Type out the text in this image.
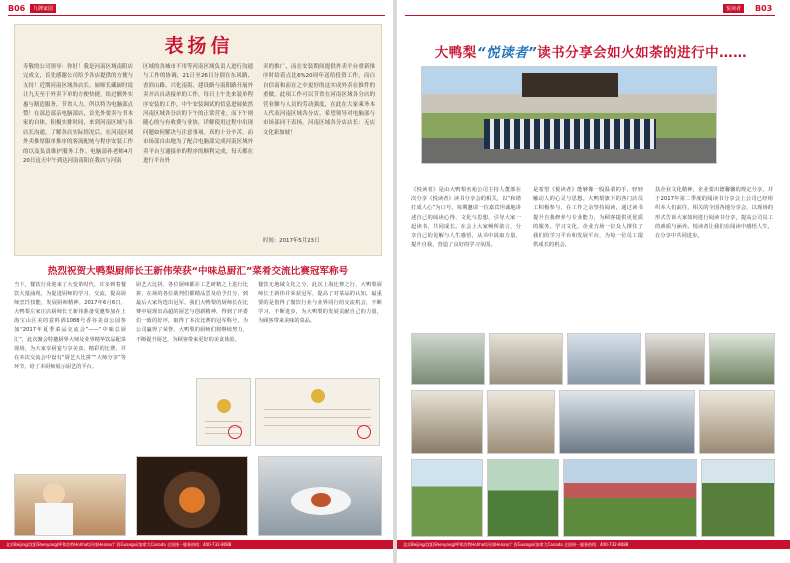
B06	九牌家园
表扬信
寿敬的公司领导：你好！我是河南区域南阳店完成文，首先感谢公司给予各店提供的方便与支持！近期河南区域各店长、厨师长藏厨时说让九天至于外卖下单的方便快捷，给过额外实惠与制造服务，节省人力。所以特为电脑部点赞！在部总部亲电脑部店，首先外要卖与书本家的自体，积极实排时间，来到河南区域与各店长沟通，了解各店实际情况后，在河南区域外卖推厚服单推序的客流配统与程序安装工作的以及负责维护服务工作。电脑部孙老师4月20日这天中午到达河南南阳在我店与河南
区域的各城市不用等河南区域负责人进行沟通与工作的协调，21日至26日分别在东风路、香滨山路、兴化南街、建设路与南阳路开展外卖开店自动接单的工作，每日上午先来装单程序安装的工作，中午安装调试的信息进展依然河南区域各分店的下午的正常营业。而下午则随心的与有收费与业协，详解使用过程中出现问题如何解决与注意事项。真的十分辛苦。而市场部自由地为了配合电脑部完成河南区域外卖平台互通接单的程序的顺利完成，每天都在进行平台外
卖的推广，而在安装期间提供外卖平台重新推序时给着点比6%20周年送给投资工作，而白自信南和而在之中更好的这实成外卖在推件的重做。此项工作可以节省在河南区域各分店的营业额与人员的劳动强度，在此在大家乘务本人代表河南区域各分店，希望领导对电脑部与市场部同干表扬。河南区域各分店店长：无店文化新加坡！
时间：2017年5月23日
热烈祝贺大鸭梨厨师长王新伟荣获“中味总厨汇”菜肴交流比赛冠军称号
当下，餐饮行业迎来了大变革时代，许多到着餐饮大量涌现，为促进厨师的学习、交流，提高厨师烹饪技能，发展厨师精神。2017年6月6日，大鸭梨左家庄店厨师长王新伟准备受邀参加在上海宝山区美的意料酒1088号香谷美食公园参加“2017年夏季菜品交流会”——“中味总厨汇”，此次聚会特邀厨界大师及业界精华饮品配菜现场，为大家享厨宴与享美食，精彩的比赛，并在本次交流会中设有“厨艺大比拼”“大师分享”等环节，给了本厨师展示厨艺的平台。
厨艺大比拼，各位厨师都在工艺研精之上进行比拼，在场的各位裁判们都精品尝及给予打分，到最后大家均选出冠军。我们大鸭梨的厨师长在比赛中展现出高超的厨艺与创新精神，得到了评委们一致的好评，取得了本次比赛的冠军称号，为公司赢得了荣誉。大鸭梨的厨师们将继续努力，不断提升厨艺，为顾客带来更好的美食体验。
餐饮无地域文化之分，此次上海比赛之行，大鸭梨厨师长王新伟并荣获冠军，提高了对菜品的认知，最重要的是借得了餐饮行业与业界同行的交流机会，不断学习，不断进步，为大鸭梨的发展贡献自己的力量，为顾客带来美味的菜品。
北京Beijing/沈阳Shenyang/呼和浩特Hohhot/河南Henan/广西Guangxi/加拿大Canada 全国统一服务热线：400-732-8088
悦读者	B03
大鸭梨“悦读者”读书分享会如火如荼的进行中……
《悦读者》是由大鸭梨名苑公司主持人董部在次分享《悦读者》读书分享会的相关，以“和谐打成人心”为口号，每期邀请一位嘉宾坦诚地讲述自己的阅读心得、文化与思想，引导大家一起读书，共同成长。在会上大家畅所欲言，分享自己的见解与人生感悟，从书中汲取力量，提升自我，营造了良好的学习氛围。
是希望《悦读者》能够像一股温柔的手，轻轻触动人的心灵与思想。大鸭梨旗下的各门店员工积极参与，在工作之余坚持阅读，通过读书提升自我修养与专业能力，为顾客提供更优质的服务。学习文化，企业力场一位众人撑住了我们的学习平台和发展平台，为每一位员工提供成长的机会。
扶企业文化精神，企业要出德馨馨的规定分享，并于2017年第二季度的阅读书分享会上公司已经组织本人们前往，相关的全国各地分享会，以现场的形式告诉大家如何进行阅读书分享，提高公司员工的素质与涵养。悦读者让我们在阅读中感悟人生，在分享中共同进步。
北京Beijing/沈阳Shenyang/呼和浩特Hohhot/河南Henan/广西Guangxi/加拿大Canada 全国统一服务热线：400-732-8088
